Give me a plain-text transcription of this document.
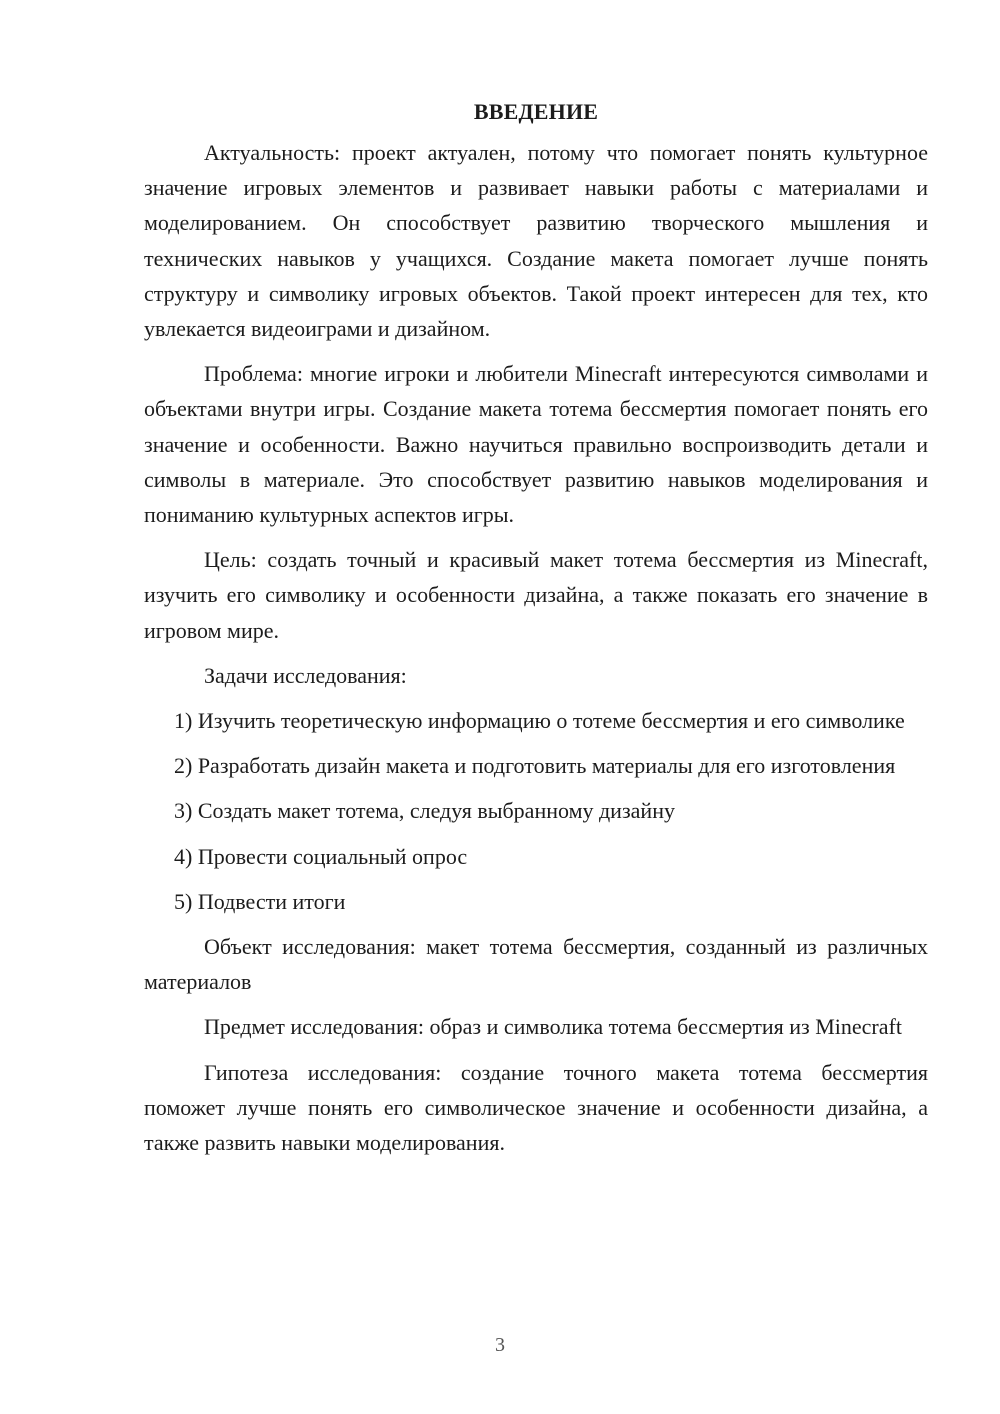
ВВЕДЕНИЕ

Актуальность: проект актуален, потому что помогает понять культурное значение игровых элементов и развивает навыки работы с материалами и моделированием. Он способствует развитию творческого мышления и технических навыков у учащихся. Создание макета помогает лучше понять структуру и символику игровых объектов. Такой проект интересен для тех, кто увлекается видеоиграми и дизайном.

Проблема: многие игроки и любители Minecraft интересуются символами и объектами внутри игры. Создание макета тотема бессмертия помогает понять его значение и особенности. Важно научиться правильно воспроизводить детали и символы в материале. Это способствует развитию навыков моделирования и пониманию культурных аспектов игры.

Цель: создать точный и красивый макет тотема бессмертия из Minecraft, изучить его символику и особенности дизайна, а также показать его значение в игровом мире.

Задачи исследования:

1) Изучить теоретическую информацию о тотеме бессмертия и его символике

2) Разработать дизайн макета и подготовить материалы для его изготовления

3) Создать макет тотема, следуя выбранному дизайну

4) Провести социальный опрос

5) Подвести итоги

Объект исследования: макет тотема бессмертия, созданный из различных материалов

Предмет исследования: образ и символика тотема бессмертия из Minecraft

Гипотеза исследования: создание точного макета тотема бессмертия поможет лучше понять его символическое значение и особенности дизайна, а также развить навыки моделирования.

3
